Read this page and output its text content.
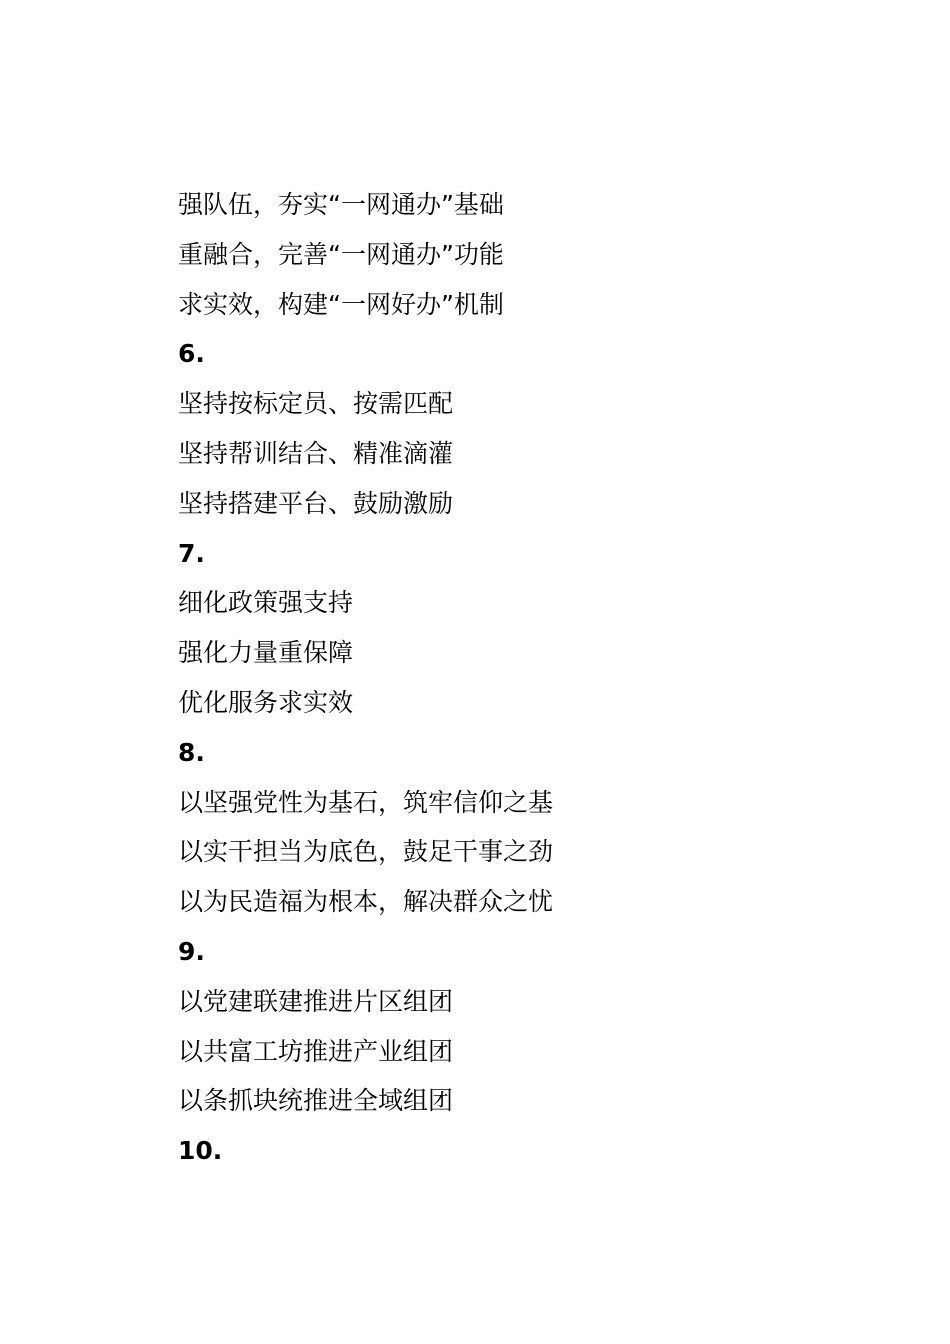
强队伍，夯实“一网通办”基础
重融合，完善“一网通办”功能
求实效，构建“一网好办”机制
6.
坚持按标定员、按需匹配
坚持帮训结合、精准滴灌
坚持搭建平台、鼓励激励
7.
细化政策强支持
强化力量重保障
优化服务求实效
8.
以坚强党性为基石，筑牢信仰之基
以实干担当为底色，鼓足干事之劲
以为民造福为根本，解决群众之忧
9.
以党建联建推进片区组团
以共富工坊推进产业组团
以条抓块统推进全域组团
10.
